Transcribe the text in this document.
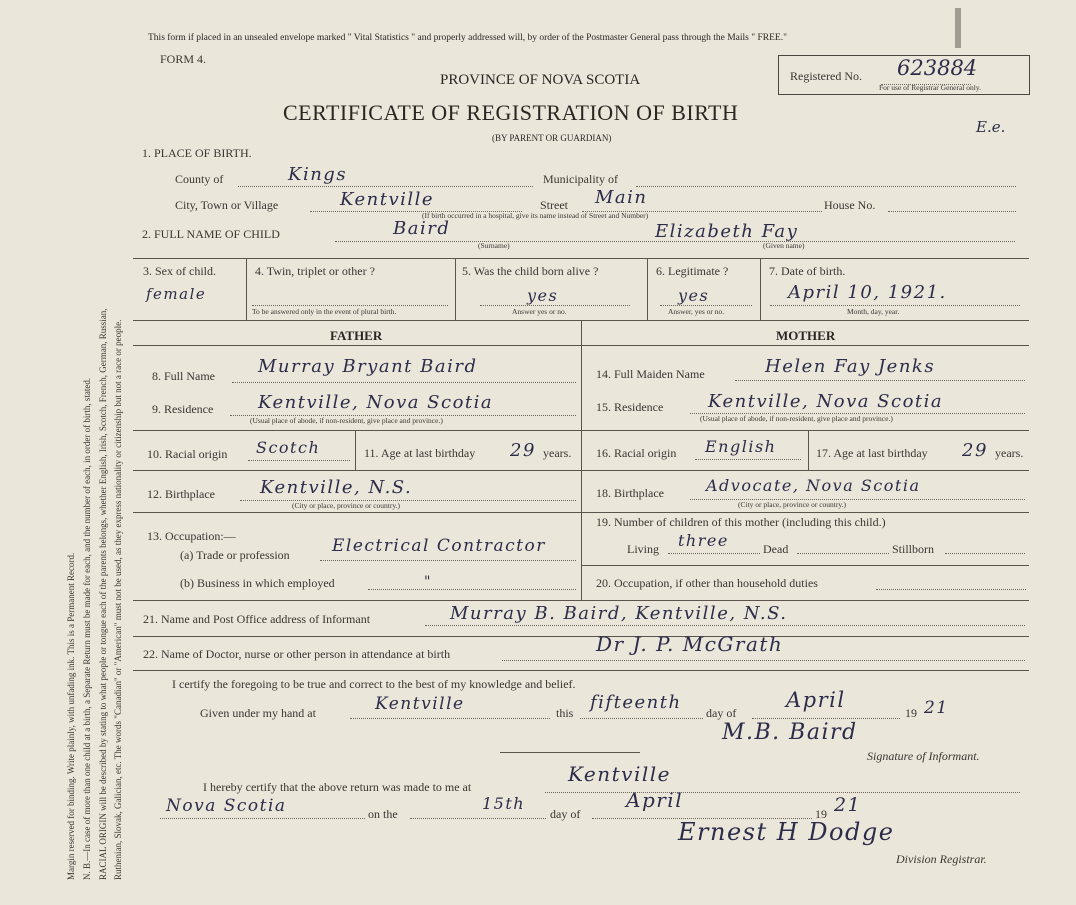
Margin reserved for binding. Write plainly, with unfading ink. This is a Permanent Record. N. B.—In case of more than one child at a birth, a Separate Return must be made for each, and the number of each, in order of birth, stated. RACIAL ORIGIN will be described by stating to what people or tongue each of the parents belongs, whether English, Irish, Scotch, French, German, Russian, Ruthenian, Slovak, Galician, etc. The words "Canadian" or "American" must not be used, as they express nationality or citizenship but not a race or people.
This form if placed in an unsealed envelope marked " Vital Statistics " and properly addressed will, by order of the Postmaster General pass through the Mails " FREE."
FORM 4.
PROVINCE OF NOVA SCOTIA
CERTIFICATE OF REGISTRATION OF BIRTH
(BY PARENT OR GUARDIAN)
Registered No. 623884
For use of Registrar General only.
E.e.
1. PLACE OF BIRTH.
County of	Kings	Municipality of
City, Town or Village	Kentville	Street Main	House No.
(If birth occurred in a hospital, give its name instead of Street and Number)
2. FULL NAME OF CHILD	Baird	Elizabeth Fay
(Surname)	(Given name)
3. Sex of child.
female
4. Twin, triplet or other ?
To be answered only in the event of plural birth.
5. Was the child born alive ?
yes
Answer yes or no.
6. Legitimate ?
yes
Answer, yes or no.
7. Date of birth.
April 10, 1921.
Month, day, year.
FATHER	MOTHER
8. Full Name Murray Bryant Baird	14. Full Maiden Name	Helen Fay Jenks
9. Residence Kentville, Nova Scotia
(Usual place of abode, if non-resident, give place and province.)
15. Residence Kentville, Nova Scotia
(Usual place of abode, if non-resident, give place and province.)
10. Racial origin Scotch	11. Age at last birthday 29 years. 16. Racial origin English	17. Age at last birthday 29 years.
12. Birthplace	Kentville, N.S.
(City or place, province or country.)
18. Birthplace	Advocate, Nova Scotia
(City or place, province or country.)
13. Occupation:—
(a) Trade or profession Electrical Contractor
19. Number of children of this mother (including this child.)
Living three	Dead	Stillborn
(b) Business in which employed	"	20. Occupation, if other than household duties
21. Name and Post Office address of Informant	Murray B. Baird, Kentville, N.S.
22. Name of Doctor, nurse or other person in attendance at birth	Dr J. P. McGrath
I certify the foregoing to be true and correct to the best of my knowledge and belief.
Given under my hand at	Kentville	this fifteenth day of
April
19 21
M.B. Baird
Signature of Informant.
I hereby certify that the above return was made to me at
Kentville
Nova Scotia	on the
15th
day of
April
19 21
Ernest H Dodge
Division Registrar.
